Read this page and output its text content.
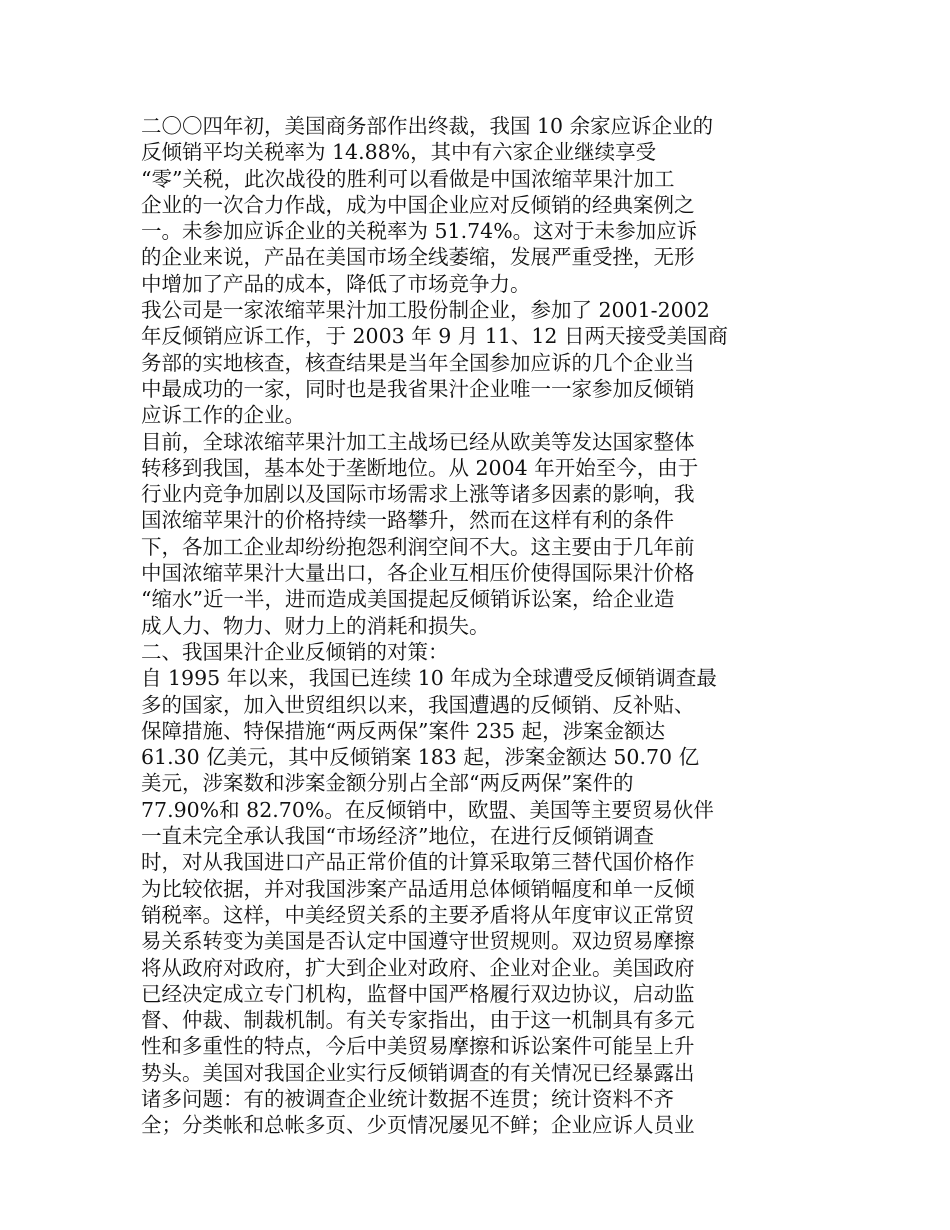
二〇〇四年初，美国商务部作出终裁，我国 10 余家应诉企业的
反倾销平均关税率为 14.88%，其中有六家企业继续享受
“零”关税，此次战役的胜利可以看做是中国浓缩苹果汁加工
企业的一次合力作战，成为中国企业应对反倾销的经典案例之
一。未参加应诉企业的关税率为 51.74%。这对于未参加应诉
的企业来说，产品在美国市场全线萎缩，发展严重受挫，无形
中增加了产品的成本，降低了市场竞争力。
我公司是一家浓缩苹果汁加工股份制企业，参加了 2001-2002
年反倾销应诉工作，于 2003 年 9 月 11、12 日两天接受美国商
务部的实地核查，核查结果是当年全国参加应诉的几个企业当
中最成功的一家，同时也是我省果汁企业唯一一家参加反倾销
应诉工作的企业。
目前，全球浓缩苹果汁加工主战场已经从欧美等发达国家整体
转移到我国，基本处于垄断地位。从 2004 年开始至今，由于
行业内竞争加剧以及国际市场需求上涨等诸多因素的影响，我
国浓缩苹果汁的价格持续一路攀升，然而在这样有利的条件
下，各加工企业却纷纷抱怨利润空间不大。这主要由于几年前
中国浓缩苹果汁大量出口，各企业互相压价使得国际果汁价格
“缩水”近一半，进而造成美国提起反倾销诉讼案，给企业造
成人力、物力、财力上的消耗和损失。
二、我国果汁企业反倾销的对策：
自 1995 年以来，我国已连续 10 年成为全球遭受反倾销调查最
多的国家，加入世贸组织以来，我国遭遇的反倾销、反补贴、
保障措施、特保措施“两反两保”案件 235 起，涉案金额达
61.30 亿美元，其中反倾销案 183 起，涉案金额达 50.70 亿
美元，涉案数和涉案金额分别占全部“两反两保”案件的
77.90%和 82.70%。在反倾销中，欧盟、美国等主要贸易伙伴
一直未完全承认我国“市场经济”地位，在进行反倾销调查
时，对从我国进口产品正常价值的计算采取第三替代国价格作
为比较依据，并对我国涉案产品适用总体倾销幅度和单一反倾
销税率。这样，中美经贸关系的主要矛盾将从年度审议正常贸
易关系转变为美国是否认定中国遵守世贸规则。双边贸易摩擦
将从政府对政府，扩大到企业对政府、企业对企业。美国政府
已经决定成立专门机构，监督中国严格履行双边协议，启动监
督、仲裁、制裁机制。有关专家指出，由于这一机制具有多元
性和多重性的特点，今后中美贸易摩擦和诉讼案件可能呈上升
势头。美国对我国企业实行反倾销调查的有关情况已经暴露出
诸多问题：有的被调查企业统计数据不连贯；统计资料不齐
全；分类帐和总帐多页、少页情况屡见不鲜；企业应诉人员业
